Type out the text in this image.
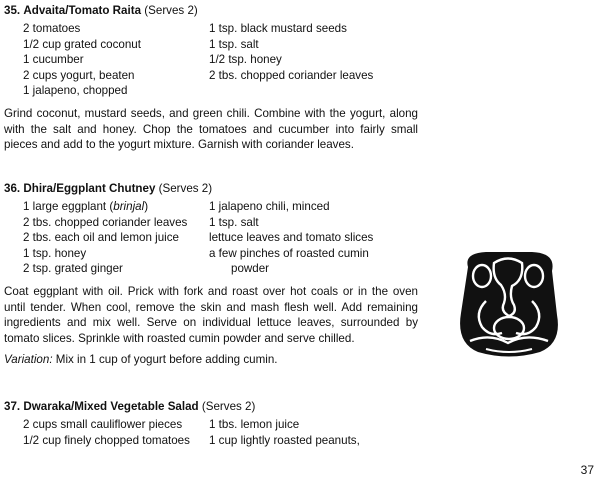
35. Advaita/Tomato Raita (Serves 2)
2 tomatoes
1/2 cup grated coconut
1 cucumber
2 cups yogurt, beaten
1 jalapeno, chopped
1 tsp. black mustard seeds
1 tsp. salt
1/2 tsp. honey
2 tbs. chopped coriander leaves

Grind coconut, mustard seeds, and green chili. Combine with the yogurt, along with the salt and honey. Chop the tomatoes and cucumber into fairly small pieces and add to the yogurt mixture. Garnish with coriander leaves.

36. Dhira/Eggplant Chutney (Serves 2)
1 large eggplant (brinjal)
2 tbs. chopped coriander leaves
2 tbs. each oil and lemon juice
1 tsp. honey
2 tsp. grated ginger
1 jalapeno chili, minced
1 tsp. salt
lettuce leaves and tomato slices
a few pinches of roasted cumin
powder

Coat eggplant with oil. Prick with fork and roast over hot coals or in the oven until tender. When cool, remove the skin and mash flesh well. Add remaining ingredients and mix well. Serve on individual lettuce leaves, surrounded by tomato slices. Sprinkle with roasted cumin powder and serve chilled.

Variation: Mix in 1 cup of yogurt before adding cumin.

37. Dwaraka/Mixed Vegetable Salad (Serves 2)
2 cups small cauliflower pieces
1/2 cup finely chopped tomatoes
1 tbs. lemon juice
1 cup lightly roasted peanuts,
37
